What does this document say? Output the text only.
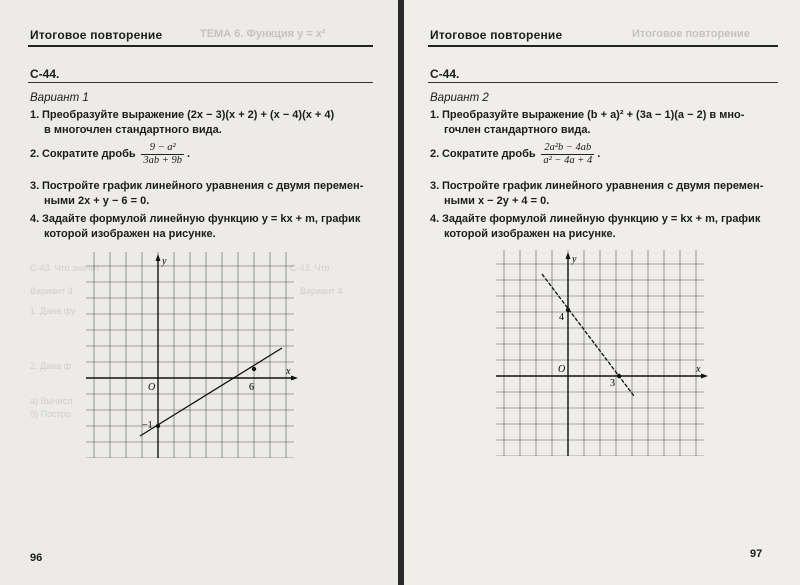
Итоговое повторение	ТЕМА 6. Функция y = x²
С-44.
Вариант 1
1. Преобразуйте выражение (2x − 3)(x + 2) + (x − 4)(x + 4)
в многочлен стандартного вида.
2. Сократите дробь $\frac{\text{9 − a²}}{3ab + 9b}$ .
3. Постройте график линейного уравнения с двумя перемен-
ными 2x + y − 6 = 0.
4. Задайте формулой линейную функцию y = kx + m, график
которой изображен на рисунке.
С-43. Что значит	С-43. Что
y
x
O	6
−1
Вариант 3
1. Дана фу
2. Дана ф
а) Вычисл
б) Постро
Вариант 4
96
Итоговое повторение	Итоговое повторение
С-44.
Вариант 2
1. Преобразуйте выражение (b + a)² + (3a − 1)(a − 2) в мно-
гочлен стандартного вида.
2. Сократите дробь $\frac{\text{2a²b − 4ab}}{\text{a² − 4a + 4}}$ .
3. Постройте график линейного уравнения с двумя перемен-
ными x − 2y + 4 = 0.
4. Задайте формулой линейную функцию y = kx + m, график
которой изображен на рисунке.
y
x
O
3
4
97
